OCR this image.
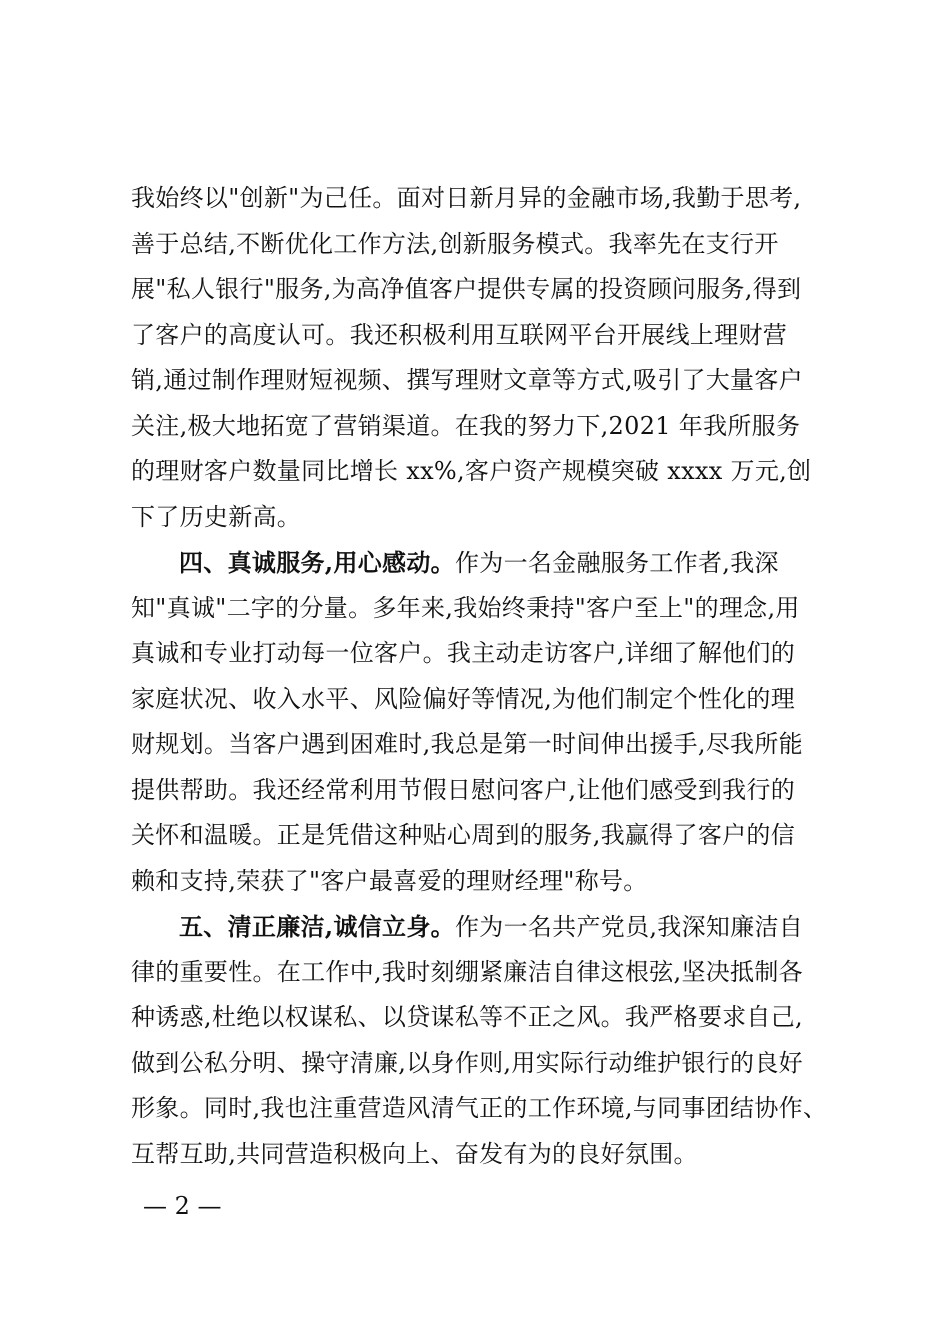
我始终以"创新"为己任。面对日新月异的金融市场,我勤于思考,
善于总结,不断优化工作方法,创新服务模式。我率先在支行开
展"私人银行"服务,为高净值客户提供专属的投资顾问服务,得到
了客户的高度认可。我还积极利用互联网平台开展线上理财营
销,通过制作理财短视频、撰写理财文章等方式,吸引了大量客户
关注,极大地拓宽了营销渠道。在我的努力下,2021 年我所服务
的理财客户数量同比增长 xx%,客户资产规模突破 xxxx 万元,创
下了历史新高。
四、真诚服务,用心感动。作为一名金融服务工作者,我深
知"真诚"二字的分量。多年来,我始终秉持"客户至上"的理念,用
真诚和专业打动每一位客户。我主动走访客户,详细了解他们的
家庭状况、收入水平、风险偏好等情况,为他们制定个性化的理
财规划。当客户遇到困难时,我总是第一时间伸出援手,尽我所能
提供帮助。我还经常利用节假日慰问客户,让他们感受到我行的
关怀和温暖。正是凭借这种贴心周到的服务,我赢得了客户的信
赖和支持,荣获了"客户最喜爱的理财经理"称号。
五、清正廉洁,诚信立身。作为一名共产党员,我深知廉洁自
律的重要性。在工作中,我时刻绷紧廉洁自律这根弦,坚决抵制各
种诱惑,杜绝以权谋私、以贷谋私等不正之风。我严格要求自己,
做到公私分明、操守清廉,以身作则,用实际行动维护银行的良好
形象。同时,我也注重营造风清气正的工作环境,与同事团结协作、
互帮互助,共同营造积极向上、奋发有为的良好氛围。
— 2 —
